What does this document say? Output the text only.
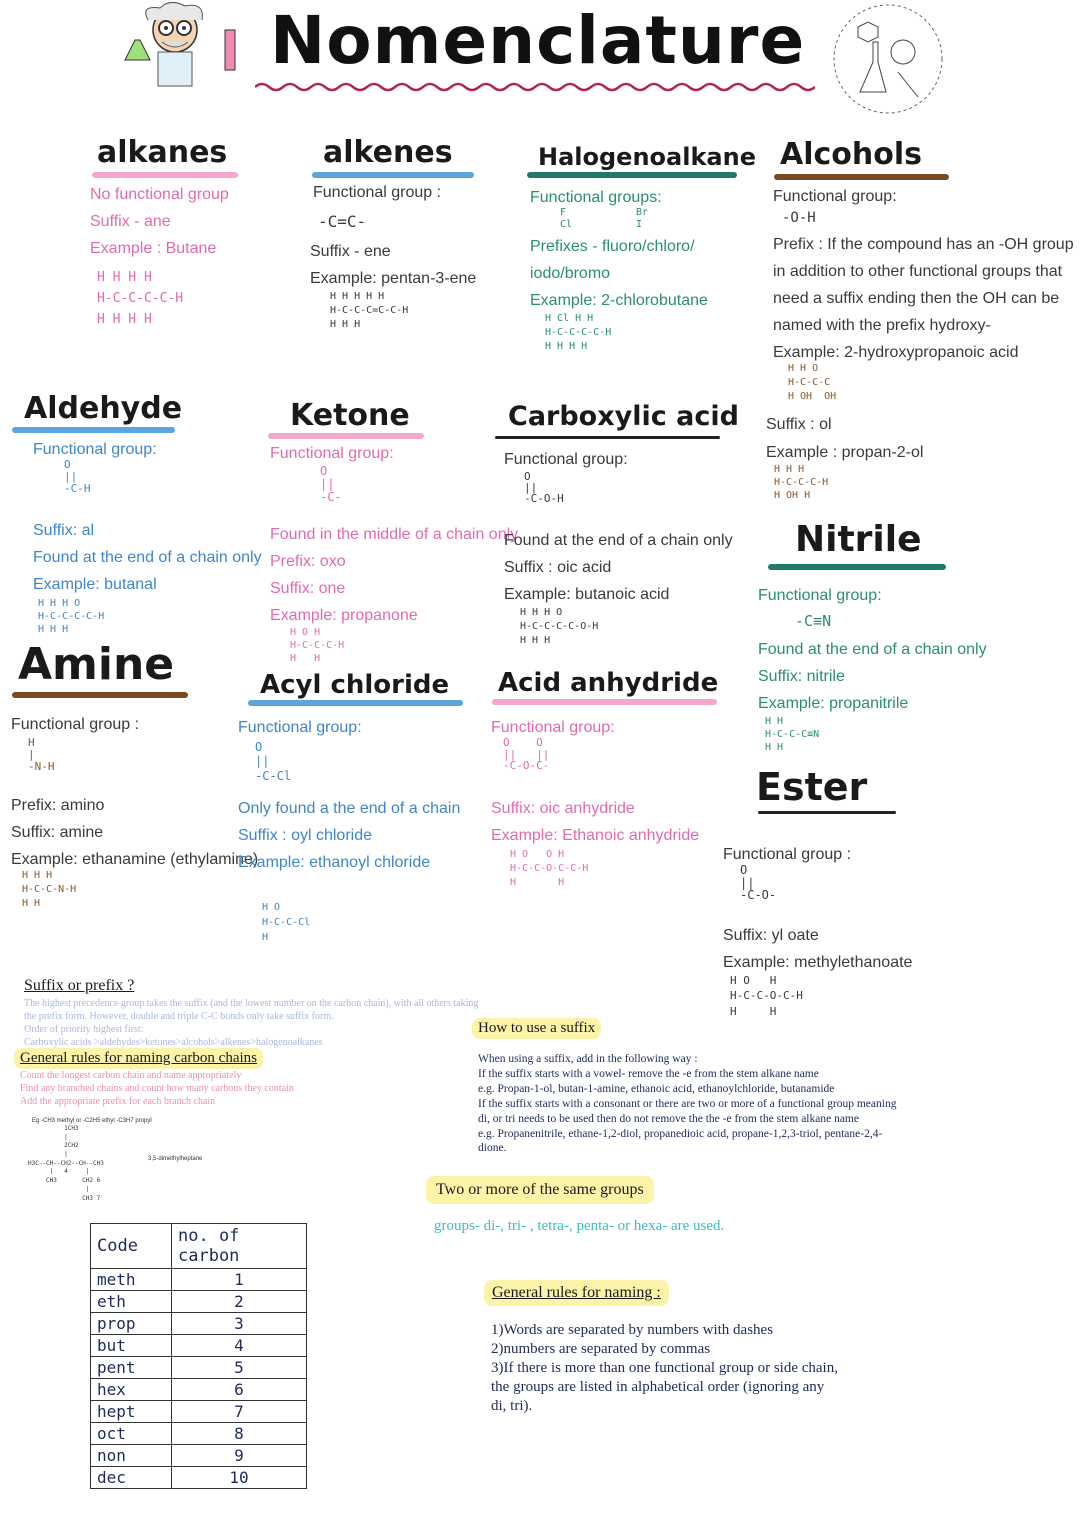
Nomenclature
alkanes
No functional group
Suffix - ane
Example : Butane
H H H H
H-C-C-C-C-H
H H H H
alkenes
Functional group :
-C=C-
Suffix - ene
Example: pentan-3-ene
H H H H H
H-C-C-C=C-C-H
H H H
Halogenoalkane
Functional groups:
F	Br
Cl	I
Prefixes - fluoro/chloro/
iodo/bromo
Example: 2-chlorobutane
H Cl H H
H-C-C-C-C-H
H H H H
Alcohols
Functional group:
-O-H
Prefix : If the compound has an -OH group
in addition to other functional groups that
need a suffix ending then the OH can be
named with the prefix hydroxy-
Example: 2-hydroxypropanoic acid
H H O
H-C-C-C
H OH  OH
Suffix : ol
Example : propan-2-ol
H H H
H-C-C-C-H
H OH H
Aldehyde
Functional group:
O
||
-C-H
Suffix: al
Found at the end of a chain only
Example: butanal
H H H O
H-C-C-C-C-H
H H H
Ketone
Functional group:
O
||
-C-
Found in the middle of a chain only
Prefix: oxo
Suffix: one
Example: propanone
H O H
H-C-C-C-H
H   H
Carboxylic acid
Functional group:
O
||
-C-O-H
Found at the end of a chain only
Suffix : oic acid
Example: butanoic acid
H H H O
H-C-C-C-C-O-H
H H H
Nitrile
Functional group:
-C≡N
Found at the end of a chain only
Suffix: nitrile
Example: propanitrile
H H
H-C-C-C≡N
H H
Amine
Functional group :
H
|
-N-H
Prefix: amino
Suffix: amine
Example: ethanamine (ethylamine)
H H H
H-C-C-N-H
H H
Acyl chloride
Functional group:
O
||
-C-Cl
Only found a the end of a chain
Suffix : oyl chloride
Example: ethanoyl chloride
H O
H-C-C-Cl
H
Acid anhydride
Functional group:
O    O
||   ||
-C-O-C-
Suffix: oic anhydride
Example: Ethanoic anhydride
H O   O H
H-C-C-O-C-C-H
H       H
Ester
Functional group :
O
||
-C-O-
Suffix: yl oate
Example: methylethanoate
H O   H
H-C-C-O-C-H
H     H
Suffix or prefix ?
The highest precedence group takes the suffix (and the lowest number on the carbon chain), with all others taking
the prefix form. However, double and triple C-C bonds only take suffix form.
Order of priority highest first:
Carboxylic acids >aldehydes>ketones>alcohols>alkenes>halogenoalkanes
General rules for naming carbon chains
Count the longest carbon chain and name appropriately
Find any branched chains and count how many carbons they contain
Add the appropriate prefix for each branch chain
Eg -CH3 methyl or -C2H5 ethyl -C3H7 propyl
3,5-dimethylheptane
1CH3
|
2CH2
|
H3C--CH--CH2--CH--CH3
|   4     |
CH3       CH2 6
|
CH3 7
Code	no. of carbon
meth	1
eth	2
prop	3
but	4
pent	5
hex	6
hept	7
oct	8
non	9
dec	10
How to use a suffix
When using a suffix, add in the following way :
If the suffix starts with a vowel- remove the -e from the stem alkane name
e.g. Propan-1-ol, butan-1-amine, ethanoic acid, ethanoylchloride, butanamide
If the suffix starts with a consonant or there are two or more of a functional group meaning
di, or tri needs to be used then do not remove the the -e from the stem alkane name
e.g. Propanenitrile, ethane-1,2-diol, propanedioic acid, propane-1,2,3-triol, pentane-2,4-
dione.
Two or more of the same groups
groups- di-, tri- , tetra-, penta- or hexa- are used.
General rules for naming :
1)Words are separated by numbers with dashes
2)numbers are separated by commas
3)If there is more than one functional group or side chain,
the groups are listed in alphabetical order (ignoring any
di, tri).
